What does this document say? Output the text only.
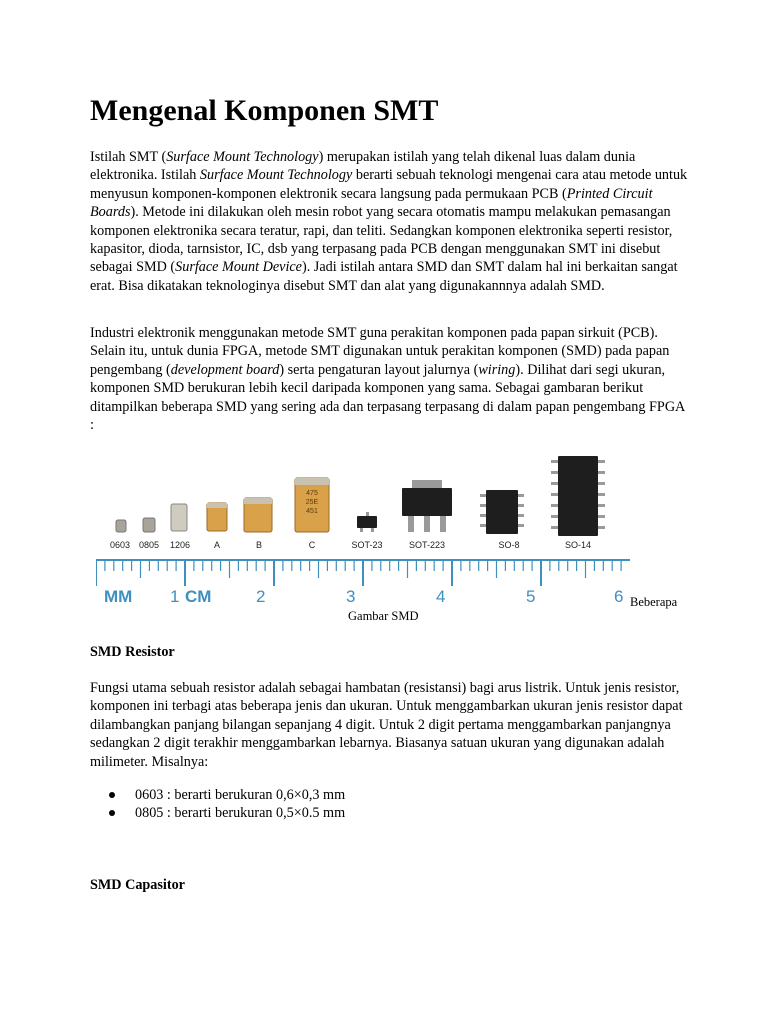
Mengenal Komponen SMT

Istilah SMT (Surface Mount Technology) merupakan istilah yang telah dikenal luas dalam dunia elektronika. Istilah Surface Mount Technology berarti sebuah teknologi mengenai cara atau metode untuk menyusun komponen-komponen elektronik secara langsung pada permukaan PCB (Printed Circuit Boards). Metode ini dilakukan oleh mesin robot yang secara otomatis mampu melakukan pemasangan komponen elektronika secara teratur, rapi, dan teliti. Sedangkan komponen elektronika seperti resistor, kapasitor, dioda, tarnsistor, IC, dsb yang terpasang pada PCB dengan menggunakan SMT ini disebut sebagai SMD (Surface Mount Device). Jadi istilah antara SMD dan SMT dalam hal ini berkaitan sangat erat. Bisa dikatakan teknologinya disebut SMT dan alat yang digunakannnya adalah SMD.

Industri elektronik menggunakan metode SMT guna perakitan komponen pada papan sirkuit (PCB). Selain itu, untuk dunia FPGA, metode SMT digunakan untuk perakitan komponen (SMD) pada papan pengembang (development board) serta pengaturan layout jalurnya (wiring). Dilihat dari segi ukuran, komponen SMD berukuran lebih kecil daripada komponen yang sama. Sebagai gambaran berikut ditampilkan beberapa SMD yang sering ada dan terpasang terpasang di dalam papan pengembang FPGA :

475
25E
451
0603 0805 1206	A	B	C	SOT-23	SOT-223	SO-8	SO-14
MM	CM
1	2	3	4	5	6 Beberapa
Gambar SMD
SMD Resistor

Fungsi utama sebuah resistor adalah sebagai hambatan (resistansi) bagi arus listrik. Untuk jenis resistor, komponen ini terbagi atas beberapa jenis dan ukuran. Untuk menggambarkan ukuran jenis resistor dapat dilambangkan panjang bilangan sepanjang 4 digit. Untuk 2 digit pertama menggambarkan panjangnya sedangkan 2 digit terakhir menggambarkan lebarnya. Biasanya satuan ukuran yang digunakan adalah milimeter. Misalnya:

0603 : berarti berukuran 0,6×0,3 mm
0805 : berarti berukuran 0,5×0.5 mm
SMD Capasitor
